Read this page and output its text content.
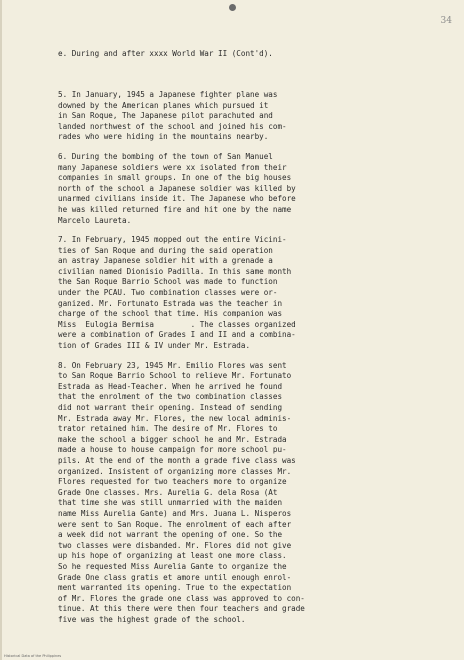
34

e. During and after xxxx World War II (Cont'd).

5. In January, 1945 a Japanese fighter plane was

downed by the American planes which pursued it

in San Roque, The Japanese pilot parachuted and

landed northwest of the school and joined his com-

rades who were hiding in the mountains nearby.

6. During the bombing of the town of San Manuel

many Japanese soldiers were xx isolated from their

companies in small groups. In one of the big houses

north of the school a Japanese soldier was killed by

unarmed civilians inside it. The Japanese who before

he was killed returned fire and hit one by the name

Marcelo Laureta.

7. In February, 1945 mopped out the entire Vicini-

ties of San Roque and during the said operation

an astray Japanese soldier hit with a grenade a

civilian named Dionisio Padilla. In this same month

the San Roque Barrio School was made to function

under the PCAU. Two combination classes were or-

ganized. Mr. Fortunato Estrada was the teacher in

charge of the school that time. His companion was

Miss  Eulogia Bermisa        . The classes organized

were a combination of Grades I and II and a combina-

tion of Grades III & IV under Mr. Estrada.

8. On February 23, 1945 Mr. Emilio Flores was sent

to San Roque Barrio School to relieve Mr. Fortunato

Estrada as Head-Teacher. When he arrived he found

that the enrolment of the two combination classes

did not warrant their opening. Instead of sending

Mr. Estrada away Mr. Flores, the new local adminis-

trator retained him. The desire of Mr. Flores to

make the school a bigger school he and Mr. Estrada

made a house to house campaign for more school pu-

pils. At the end of the month a grade five class was

organized. Insistent of organizing more classes Mr.

Flores requested for two teachers more to organize

Grade One classes. Mrs. Aurelia G. dela Rosa (At

that time she was still unmarried with the maiden

name Miss Aurelia Gante) and Mrs. Juana L. Nisperos

were sent to San Roque. The enrolment of each after

a week did not warrant the opening of one. So the

two classes were disbanded. Mr. Flores did not give

up his hope of organizing at least one more class.

So he requested Miss Aurelia Gante to organize the

Grade One class gratis et amore until enough enrol-

ment warranted its opening. True to the expectation

of Mr. Flores the grade one class was approved to con-

tinue. At this there were then four teachers and grade

five was the highest grade of the school.

Historical Data of the Philippines
